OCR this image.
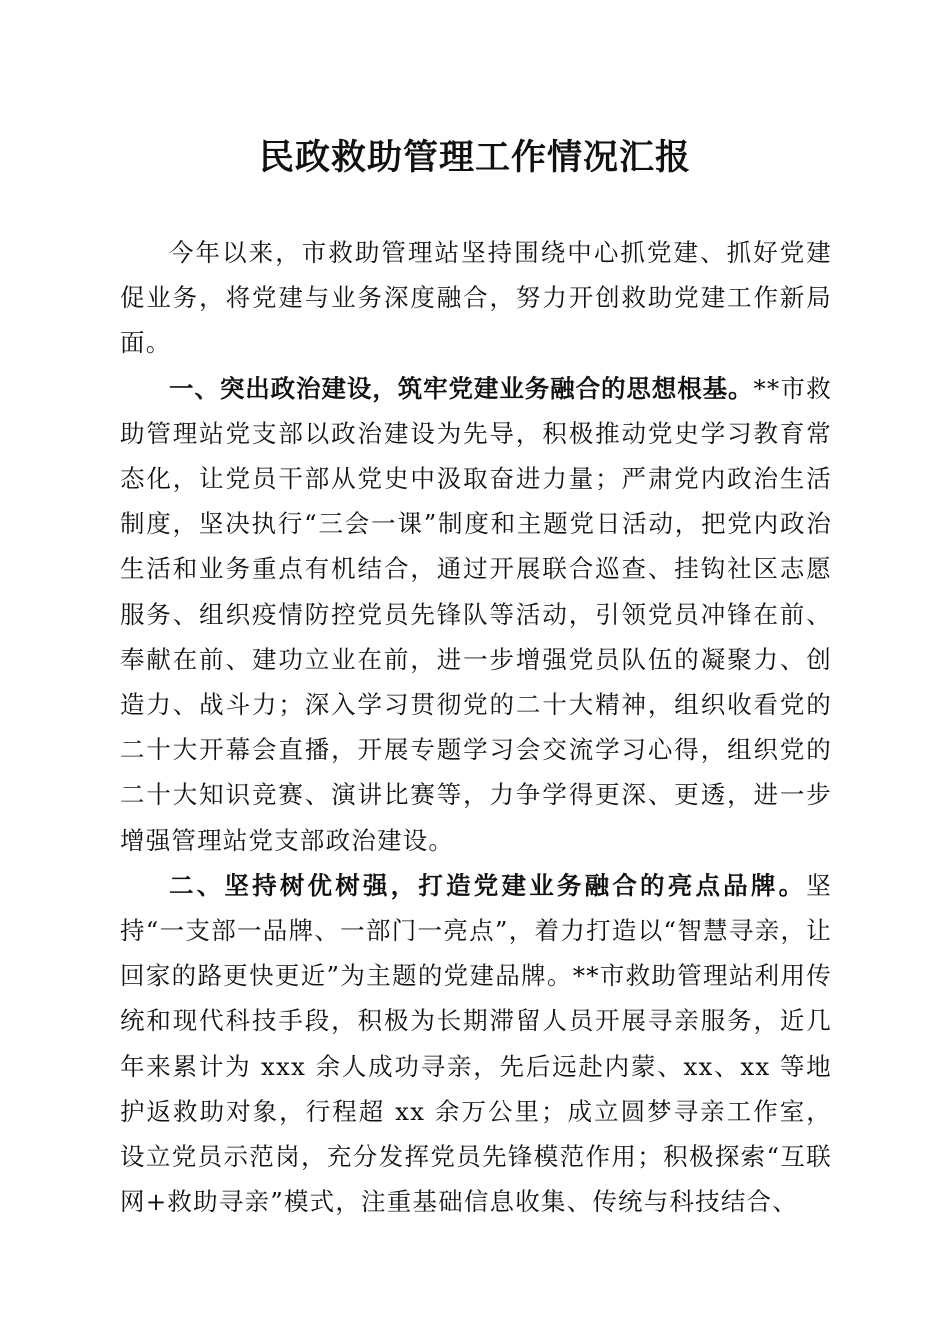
民政救助管理工作情况汇报

今年以来，市救助管理站坚持围绕中心抓党建、抓好党建促业务，将党建与业务深度融合，努力开创救助党建工作新局面。

一、突出政治建设，筑牢党建业务融合的思想根基。**市救助管理站党支部以政治建设为先导，积极推动党史学习教育常态化，让党员干部从党史中汲取奋进力量；严肃党内政治生活制度，坚决执行“三会一课”制度和主题党日活动，把党内政治生活和业务重点有机结合，通过开展联合巡查、挂钩社区志愿服务、组织疫情防控党员先锋队等活动，引领党员冲锋在前、奉献在前、建功立业在前，进一步增强党员队伍的凝聚力、创造力、战斗力；深入学习贯彻党的二十大精神，组织收看党的二十大开幕会直播，开展专题学习会交流学习心得，组织党的二十大知识竞赛、演讲比赛等，力争学得更深、更透，进一步增强管理站党支部政治建设。

二、坚持树优树强，打造党建业务融合的亮点品牌。坚持“一支部一品牌、一部门一亮点”，着力打造以“智慧寻亲，让回家的路更快更近”为主题的党建品牌。**市救助管理站利用传统和现代科技手段，积极为长期滞留人员开展寻亲服务，近几年来累计为 xxx 余人成功寻亲，先后远赴内蒙、xx、xx 等地护返救助对象，行程超 xx 余万公里；成立圆梦寻亲工作室，设立党员示范岗，充分发挥党员先锋模范作用；积极探索“互联网+救助寻亲”模式，注重基础信息收集、传统与科技结合、
